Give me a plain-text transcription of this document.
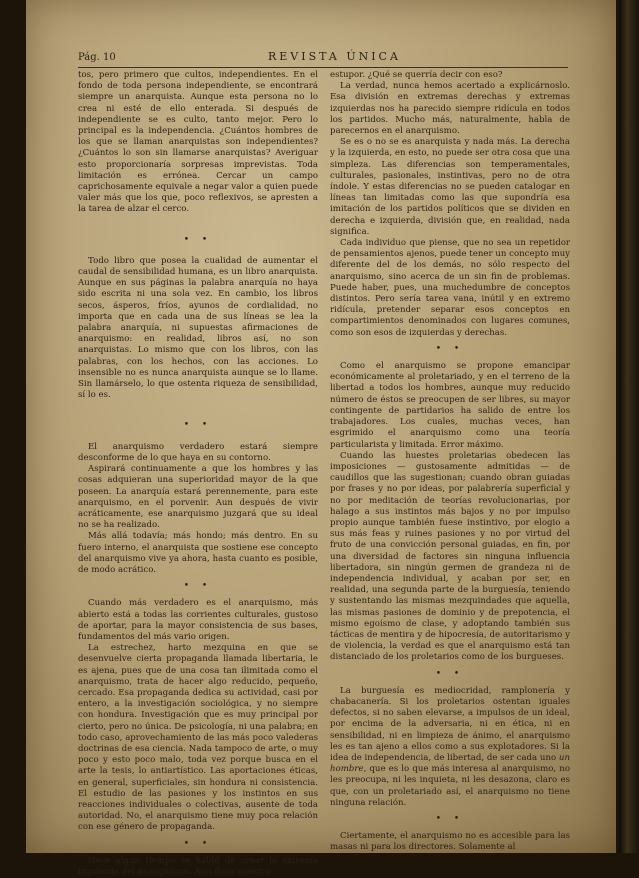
Pág. 10	REVISTA ÚNICA

tos, pero primero que cultos, independientes. En el fondo de toda persona independiente, se encontrará siempre un anarquista. Aunque esta persona no lo crea ni esté de ello enterada. Si después de independiente se es culto, tanto mejor. Pero lo principal es la independencia. ¿Cuántos hombres de los que se llaman anarquistas son independientes? ¿Cuántos lo son sin llamarse anarquistas? Averiguar esto proporcionaría sorpresas imprevistas. Toda limitación es errónea. Cercar un campo caprichosamente equivale a negar valor a quien puede valer más que los que, poco reflexivos, se apresten a la tarea de alzar el cerco.

• •

Todo libro que posea la cualidad de aumentar el caudal de sensibilidad humana, es un libro anarquista. Aunque en sus páginas la palabra anarquía no haya sido escrita ni una sola vez. En cambio, los libros secos, ásperos, fríos, ayunos de cordialidad, no importa que en cada una de sus líneas se lea la palabra anarquía, ni supuestas afirmaciones de anarquismo: en realidad, libros así, no son anarquistas. Lo mismo que con los libros, con las palabras, con los hechos, con las acciones. Lo insensible no es nunca anarquista aunque se lo llame. Sin llamárselo, lo que ostenta riqueza de sensibilidad, sí lo es.

• •

El anarquismo verdadero estará siempre desconforme de lo que haya en su contorno.

Aspirará continuamente a que los hombres y las cosas adquieran una superioridad mayor de la que poseen. La anarquía estará perennemente, para este anarquismo, en el porvenir. Aun después de vivir acráticamente, ese anarquismo juzgará que su ideal no se ha realizado.

Más allá todavía; más hondo; más dentro. En su fuero interno, el anarquista que sostiene ese concepto del anarquismo vive ya ahora, hasta cuanto es posible, de modo acrático.

• •

Cuando más verdadero es el anarquismo, más abierto está a todas las corrientes culturales, gustoso de aportar, para la mayor consistencia de sus bases, fundamentos del más vario origen.

La estrechez, harto mezquina en que se desenvuelve cierta propaganda llamada libertaria, le es ajena, pues que de una cosa tan ilimitada como el anarquismo, trata de hacer algo reducido, pequeño, cercado. Esa propaganda dedica su actividad, casi por entero, a la investigación sociológica, y no siempre con hondura. Investigación que es muy principal por cierto, pero no única. De psicología, ni una palabra; en todo caso, aprovechamiento de las más poco valederas doctrinas de esa ciencia. Nada tampoco de arte, o muy poco y esto poco malo, toda vez porque busca en el arte la tesis, lo antiartístico. Las aportaciones éticas, en general, superficiales, sin hondura ni consistencia. El estudio de las pasiones y los instintos en sus reacciones individuales o colectivas, ausente de toda autoridad. No, el anarquismo tiene muy poca relación con ese género de propaganda.

• •

Hace algún tiempo se habló de crear la extrema izquierda del anarquismo. Aun dura nuestro

estupor. ¿Qué se querría decir con eso?

La verdad, nunca hemos acertado a explicárnoslo. Esa división en extremas derechas y extremas izquierdas nos ha parecido siempre ridícula en todos los partidos. Mucho más, naturalmente, habla de parecernos en el anarquismo.

Se es o no se es anarquista y nada más. La derecha y la izquierda, en esto, no puede ser otra cosa que una simpleza. Las diferencias son temperamentales, culturales, pasionales, instintivas, pero no de otra índole. Y estas diferencias no se pueden catalogar en líneas tan limitadas como las que supondría esa imitación de los partidos políticos que se dividen en derecha e izquierda, división que, en realidad, nada significa.

Cada individuo que piense, que no sea un repetidor de pensamientos ajenos, puede tener un concepto muy diferente del de los demás, no sólo respecto del anarquismo, sino acerca de un sin fin de problemas. Puede haber, pues, una muchedumbre de conceptos distintos. Pero sería tarea vana, inútil y en extremo ridícula, pretender separar esos conceptos en compartimientos denominados con lugares comunes, como son esos de izquierdas y derechas.

• •

Como el anarquismo se propone emancipar económicamente al proletariado, y en el terreno de la libertad a todos los hombres, aunque muy reducido número de éstos se preocupen de ser libres, su mayor contingente de partidarios ha salido de entre los trabajadores. Los cuales, muchas veces, han esgrimido el anarquismo como una teoría particularista y limitada. Error máximo.

Cuando las huestes proletarias obedecen las imposiciones — gustosamente admitidas — de caudillos que las sugestionan; cuando obran guiadas por frases y no por ideas, por palabrería superficial y no por meditación de teorías revolucionarias, por halago a sus instintos más bajos y no por impulso propio aunque también fuese instintivo, por elogio a sus más feas y ruines pasiones y no por virtud del fruto de una convicción personal guiadas, en fin, por una diversidad de factores sin ninguna influencia libertadora, sin ningún germen de grandeza ni de independencia individual, y acaban por ser, en realidad, una segunda parte de la burguesía, teniendo y sustentando las mismas mezquindades que aquella, las mismas pasiones de dominio y de prepotencia, el mismo egoísmo de clase, y adoptando también sus tácticas de mentira y de hipocresía, de autoritarismo y de violencia, la verdad es que el anarquismo está tan distanciado de los proletarios como de los burgueses.

• •

La burguesía es mediocridad, ramplonería y chabacanería. Si los proletarios ostentan iguales defectos, si no saben elevarse, a impulsos de un ideal, por encima de la adversaria, ni en ética, ni en sensibilidad, ni en limpieza de ánimo, el anarquismo les es tan ajeno a ellos como a sus explotadores. Si la idea de independencia, de libertad, de ser cada uno un hombre, que es lo que más interesa al anarquismo, no les preocupa, ni les inquieta, ni les desazona, claro es que, con un proletariado así, el anarquismo no tiene ninguna relación.

• •

Ciertamente, el anarquismo no es accesible para las masas ni para los directores. Solamente al
